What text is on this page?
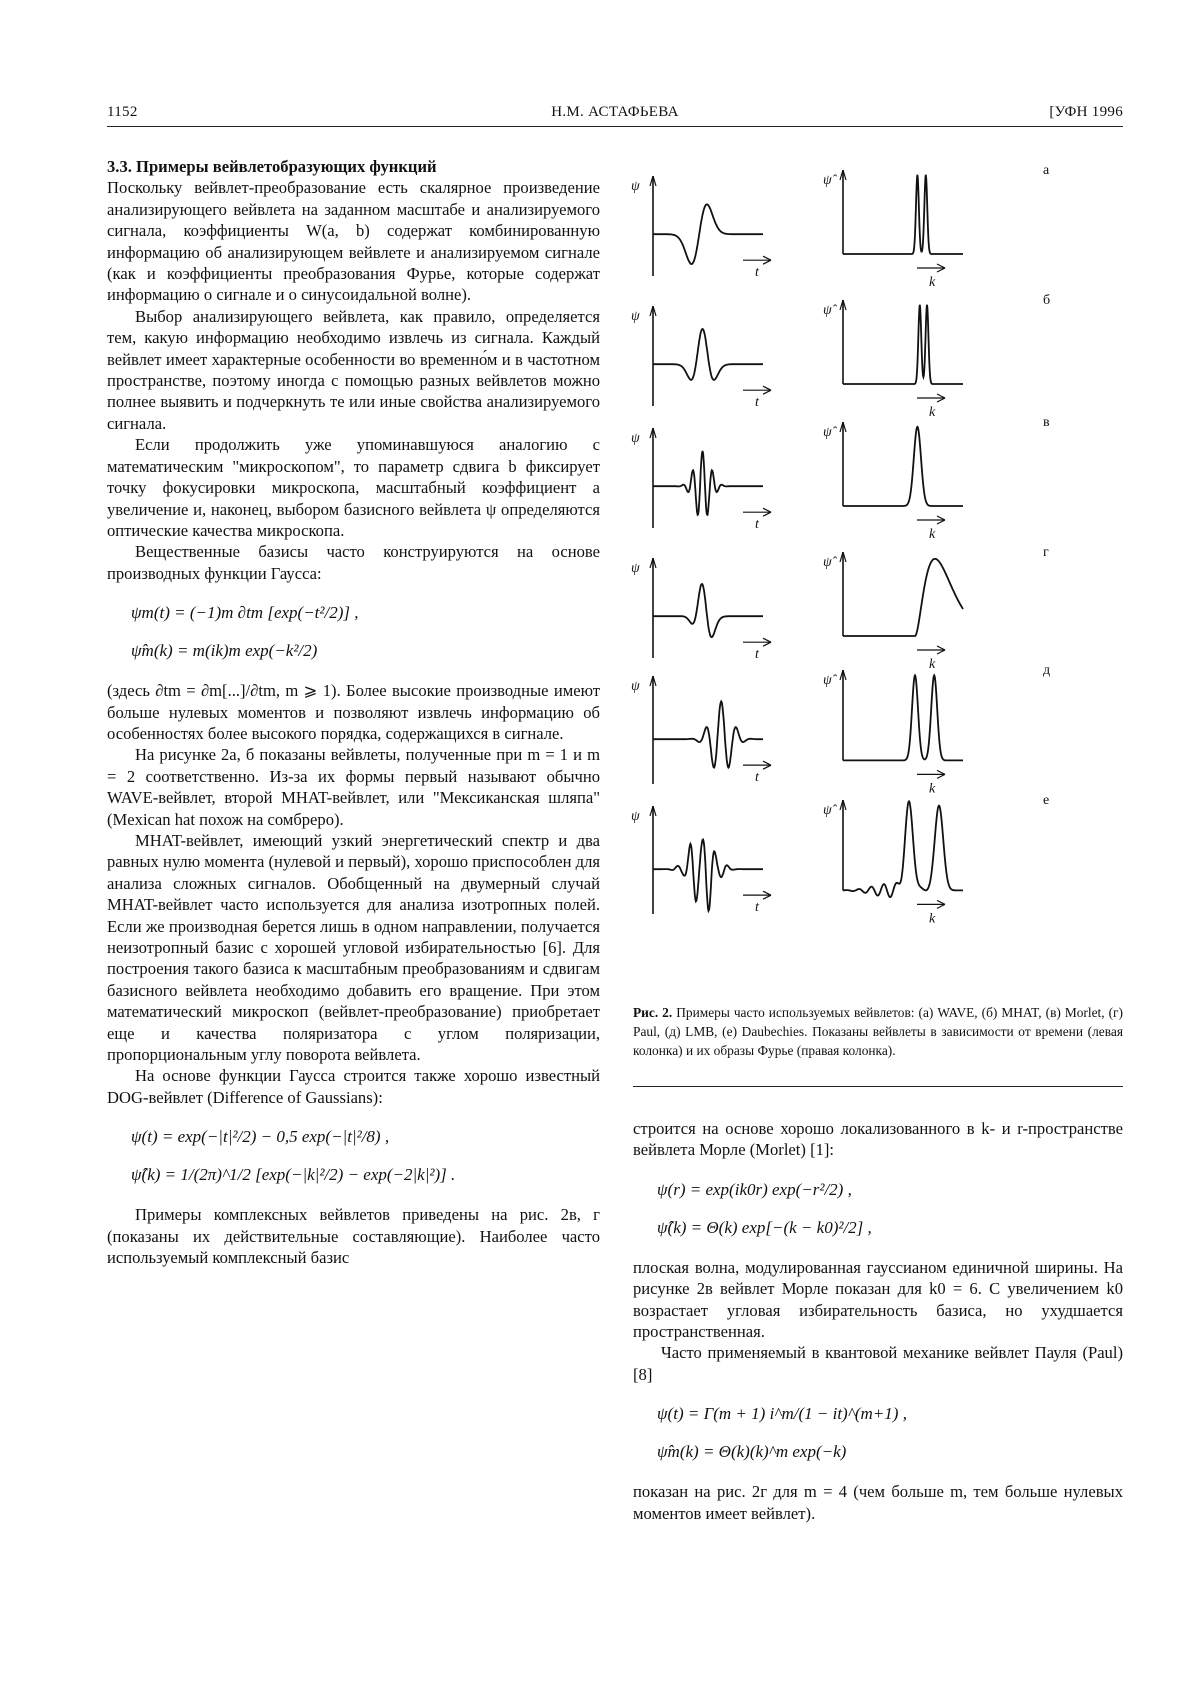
1152	Н.М. АСТАФЬЕВА	[УФН 1996

3.3. Примеры вейвлетобразующих функций

Поскольку вейвлет-преобразование есть скалярное произведение анализирующего вейвлета на заданном масштабе и анализируемого сигнала, коэффициенты W(a, b) содержат комбинированную информацию об анализирующем вейвлете и анализируемом сигнале (как и коэффициенты преобразования Фурье, которые содержат информацию о сигнале и о синусоидальной волне).

Выбор анализирующего вейвлета, как правило, определяется тем, какую информацию необходимо извлечь из сигнала. Каждый вейвлет имеет характерные особенности во временно́м и в частотном пространстве, поэтому иногда с помощью разных вейвлетов можно полнее выявить и подчеркнуть те или иные свойства анализируемого сигнала.

Если продолжить уже упоминавшуюся аналогию с математическим "микроскопом", то параметр сдвига b фиксирует точку фокусировки микроскопа, масштабный коэффициент a увеличение и, наконец, выбором базисного вейвлета ψ определяются оптические качества микроскопа.

Вещественные базисы часто конструируются на основе производных функции Гаусса:

ψm(t) = (−1)m ∂tm [exp(−t²/2)] ,
ψ̂m(k) = m(ik)m exp(−k²/2)

(здесь ∂tm = ∂m[...]/∂tm, m ⩾ 1). Более высокие производные имеют больше нулевых моментов и позволяют извлечь информацию об особенностях более высокого порядка, содержащихся в сигнале.

На рисунке 2а, б показаны вейвлеты, полученные при m = 1 и m = 2 соответственно. Из-за их формы первый называют обычно WAVE-вейвлет, второй MHAT-вейвлет, или "Мексиканская шляпа" (Mexican hat похож на сомбреро).

MHAT-вейвлет, имеющий узкий энергетический спектр и два равных нулю момента (нулевой и первый), хорошо приспособлен для анализа сложных сигналов. Обобщенный на двумерный случай MHAT-вейвлет часто используется для анализа изотропных полей. Если же производная берется лишь в одном направлении, получается неизотропный базис с хорошей угловой избирательностью [6]. Для построения такого базиса к масштабным преобразованиям и сдвигам базисного вейвлета необходимо добавить его вращение. При этом математический микроскоп (вейвлет-преобразование) приобретает еще и качества поляризатора с углом поляризации, пропорциональным углу поворота вейвлета.

На основе функции Гаусса строится также хорошо известный DOG-вейвлет (Difference of Gaussians):

ψ(t) = exp(−|t|²/2) − 0,5 exp(−|t|²/8) ,
ψ̂(k) = 1/(2π)^1/2 [exp(−|k|²/2) − exp(−2|k|²)] .

Примеры комплексных вейвлетов приведены на рис. 2в, г (показаны их действительные составляющие). Наиболее часто используемый комплексный базис

ψ
t
ψ̂
k
а
ψ
t
ψ̂
k
б
ψ
t
ψ̂
k
в
ψ
t
ψ̂
k
г
ψ
t
ψ̂
k
д
ψ
t
ψ̂
k
е
Рис. 2. Примеры часто используемых вейвлетов: (а) WAVE, (б) MHAT, (в) Morlet, (г) Paul, (д) LMB, (е) Daubechies. Показаны вейвлеты в зависимости от времени (левая колонка) и их образы Фурье (правая колонка).

строится на основе хорошо локализованного в k- и r-пространстве вейвлета Морле (Morlet) [1]:

ψ(r) = exp(ik0r) exp(−r²/2) ,
ψ̂(k) = Θ(k) exp[−(k − k0)²/2] ,

плоская волна, модулированная гауссианом единичной ширины. На рисунке 2в вейвлет Морле показан для k0 = 6. С увеличением k0 возрастает угловая избирательность базиса, но ухудшается пространственная.

Часто применяемый в квантовой механике вейвлет Пауля (Paul) [8]

ψ(t) = Γ(m + 1) i^m/(1 − it)^(m+1) ,
ψ̂m(k) = Θ(k)(k)^m exp(−k)

показан на рис. 2г для m = 4 (чем больше m, тем больше нулевых моментов имеет вейвлет).
